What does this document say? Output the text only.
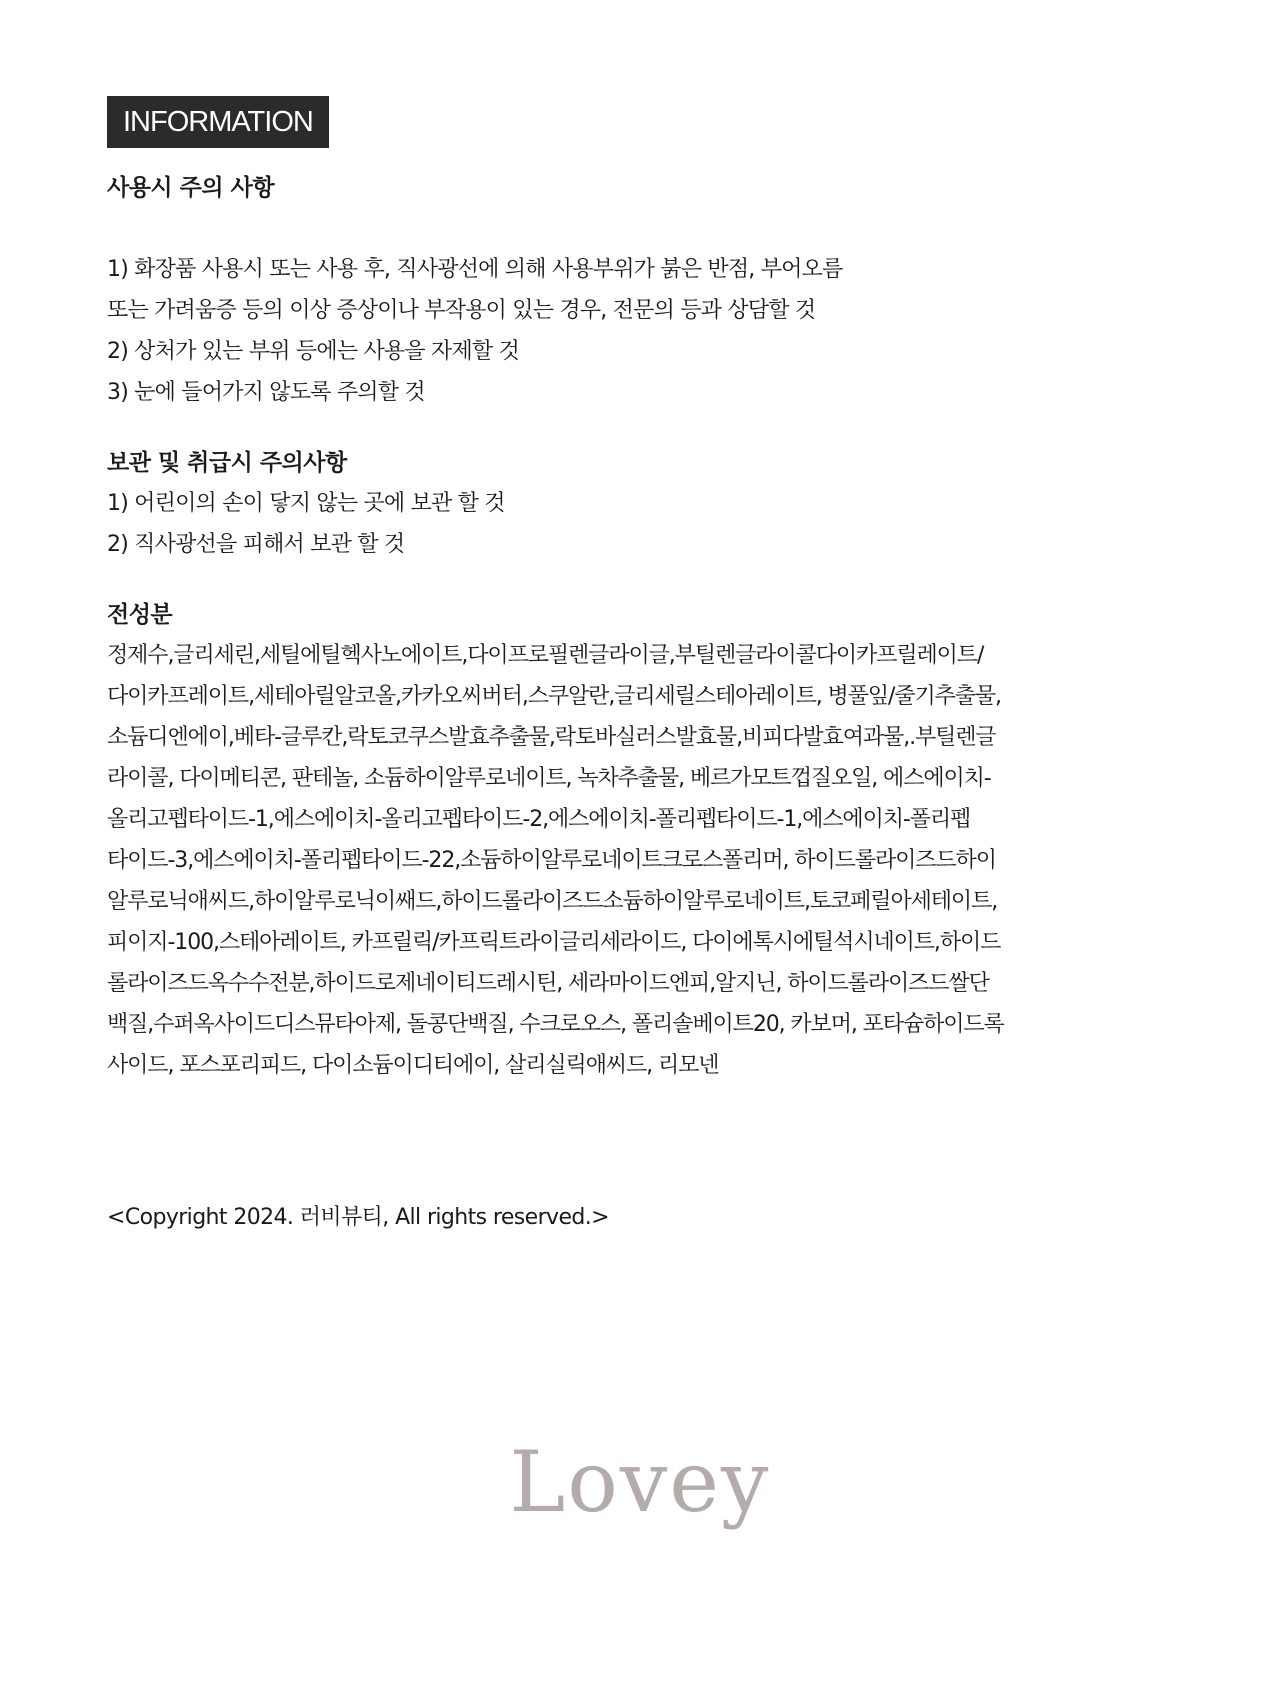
INFORMATION
사용시 주의 사항

1) 화장품 사용시 또는 사용 후, 직사광선에 의해 사용부위가 붉은 반점, 부어오름
또는 가려움증 등의 이상 증상이나 부작용이 있는 경우, 전문의 등과 상담할 것
2) 상처가 있는 부위 등에는 사용을 자제할 것
3) 눈에 들어가지 않도록 주의할 것

보관 및 취급시 주의사항

1) 어린이의 손이 닿지 않는 곳에 보관 할 것
2) 직사광선을 피해서 보관 할 것

전성분

정제수,글리세린,세틸에틸헥사노에이트,다이프로필렌글라이글,부틸렌글라이콜다이카프릴레이트/
다이카프레이트,세테아릴알코올,카카오씨버터,스쿠알란,글리세릴스테아레이트, 병풀잎/줄기추출물,
소듐디엔에이,베타-글루칸,락토코쿠스발효추출물,락토바실러스발효물,비피다발효여과물,.부틸렌글
라이콜, 다이메티콘, 판테놀, 소듐하이알루로네이트, 녹차추출물, 베르가모트껍질오일, 에스에이치-
올리고펩타이드-1,에스에이치-올리고펩타이드-2,에스에이치-폴리펩타이드-1,에스에이치-폴리펩
타이드-3,에스에이치-폴리펩타이드-22,소듐하이알루로네이트크로스폴리머, 하이드롤라이즈드하이
알루로닉애씨드,하이알루로닉이쌔드,하이드롤라이즈드소듐하이알루로네이트,토코페릴아세테이트,
피이지-100,스테아레이트, 카프릴릭/카프릭트라이글리세라이드, 다이에톡시에틸석시네이트,하이드
롤라이즈드옥수수전분,하이드로제네이티드레시틴, 세라마이드엔피,알지닌, 하이드롤라이즈드쌀단
백질,수퍼옥사이드디스뮤타아제, 돌콩단백질, 수크로오스, 폴리솔베이트20, 카보머, 포타슘하이드록
사이드, 포스포리피드, 다이소듐이디티에이, 살리실릭애씨드, 리모넨

<Copyright 2024. 러비뷰티, All rights reserved.>
Lovey
